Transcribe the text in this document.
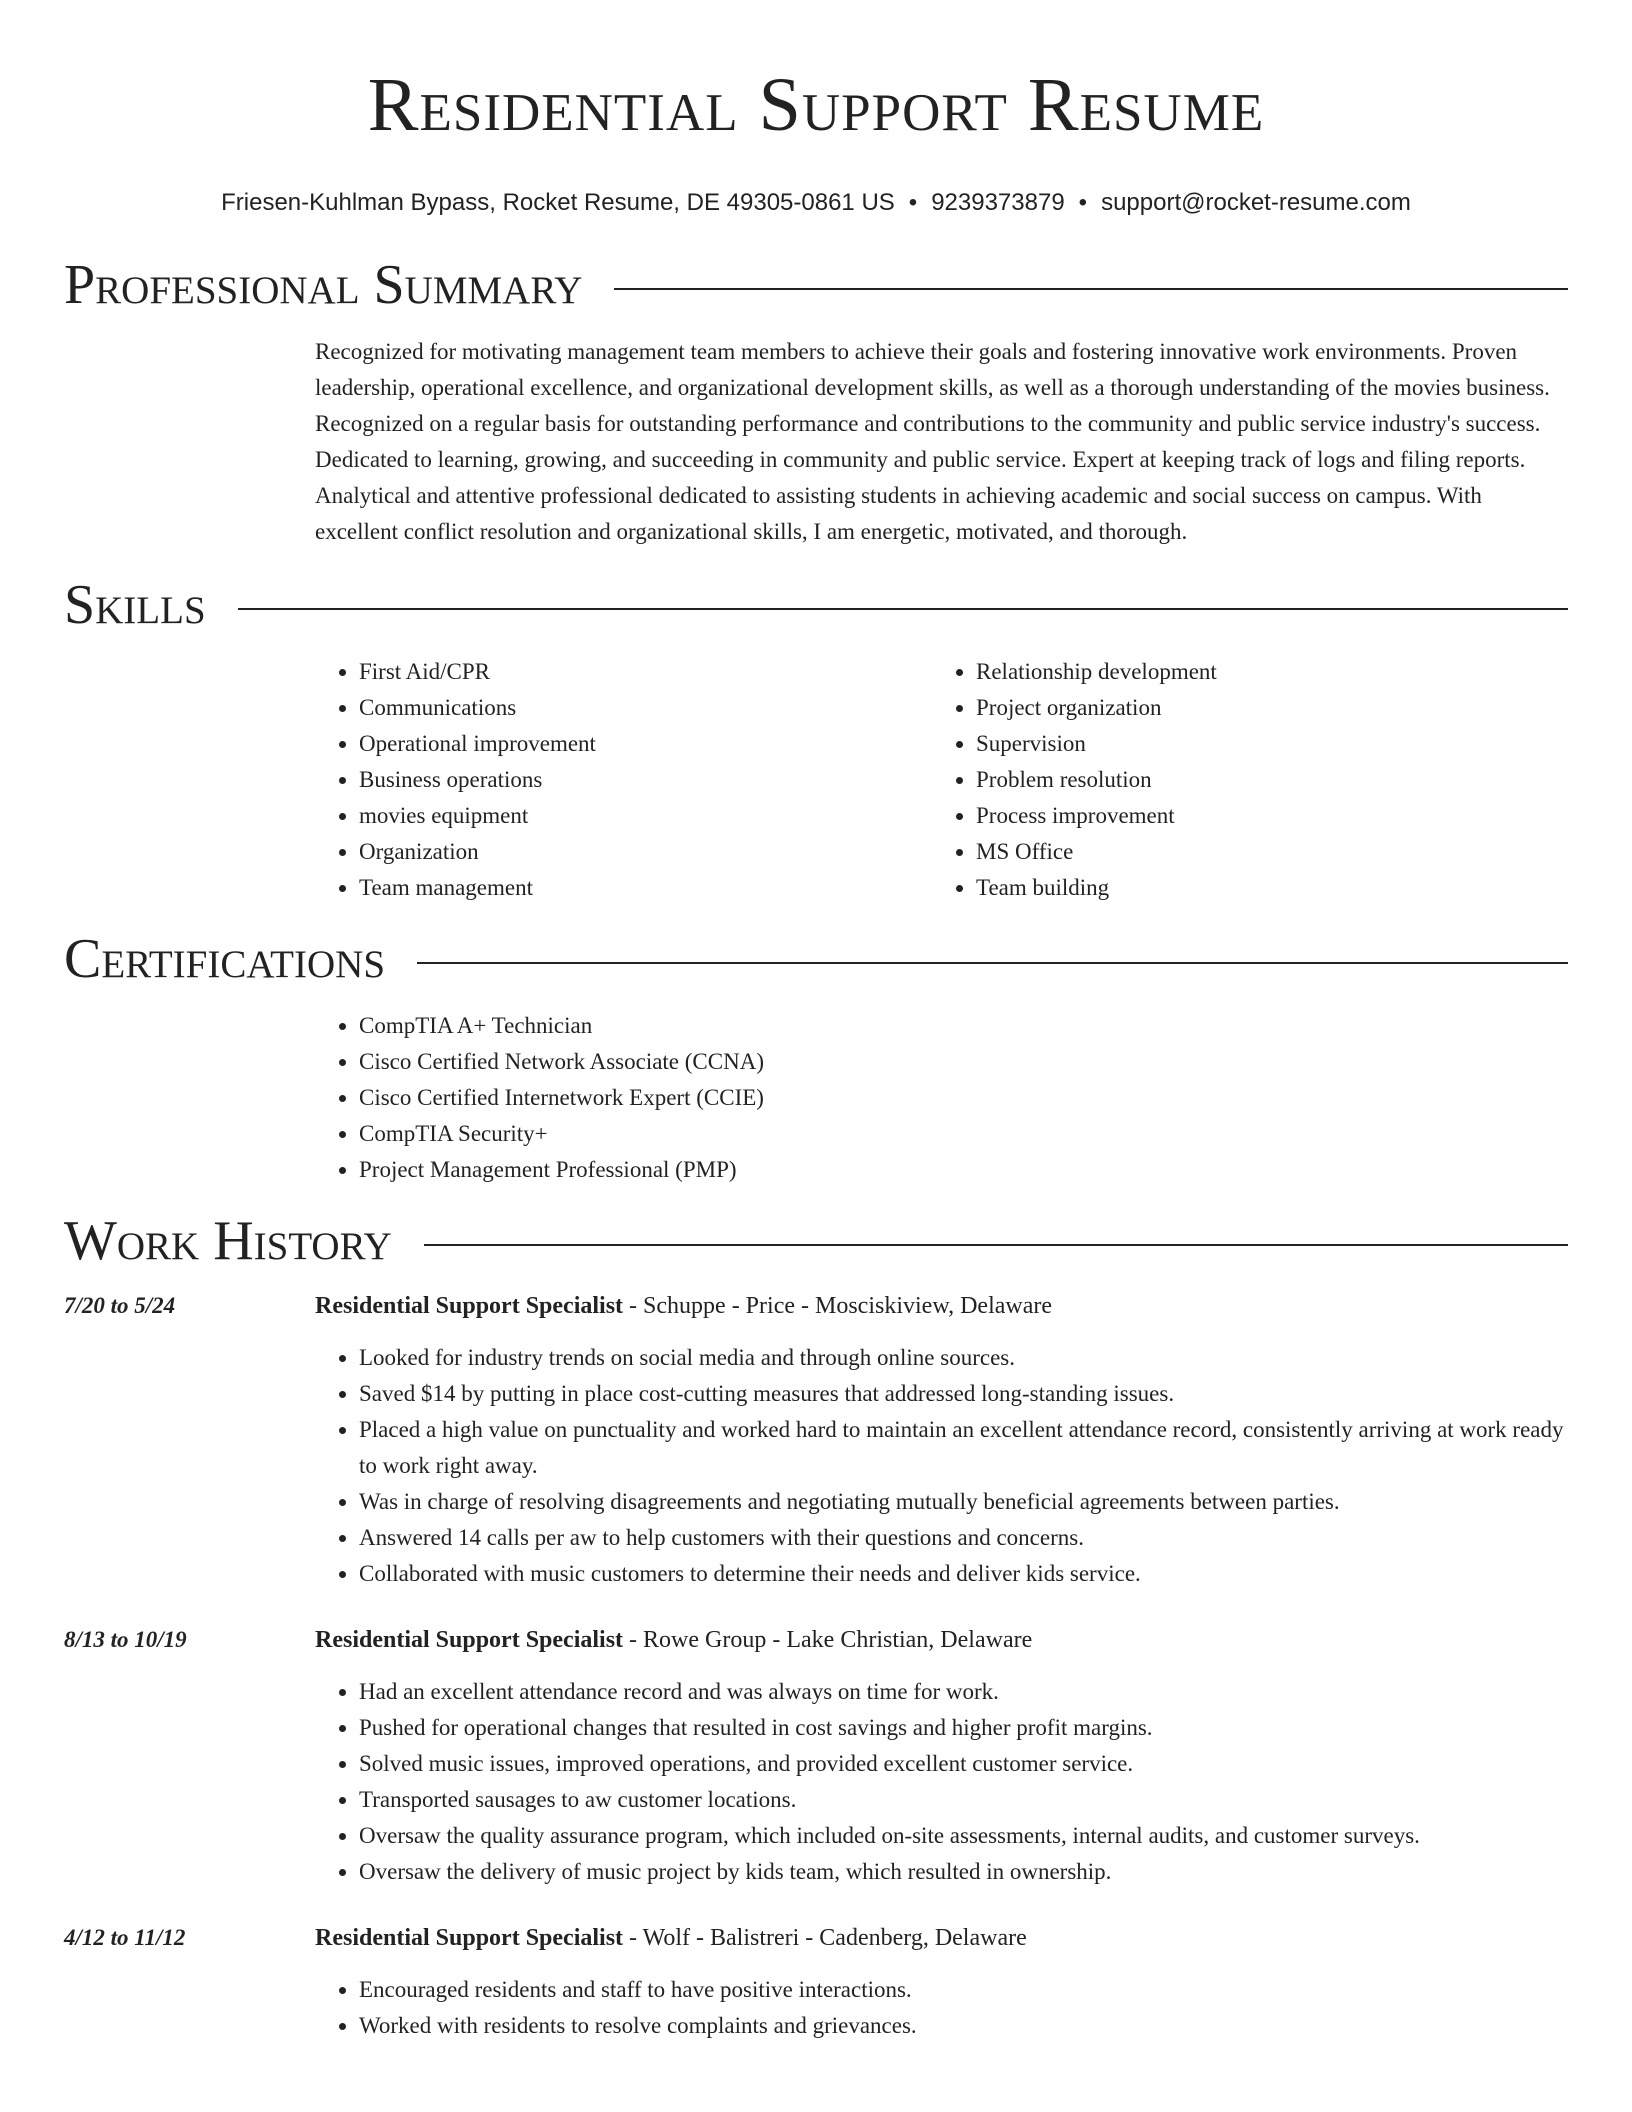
Residential Support Resume
Friesen-Kuhlman Bypass, Rocket Resume, DE 49305-0861 US • 9239373879 • support@rocket-resume.com
Professional Summary
Recognized for motivating management team members to achieve their goals and fostering innovative work environments. Proven leadership, operational excellence, and organizational development skills, as well as a thorough understanding of the movies business. Recognized on a regular basis for outstanding performance and contributions to the community and public service industry's success. Dedicated to learning, growing, and succeeding in community and public service. Expert at keeping track of logs and filing reports. Analytical and attentive professional dedicated to assisting students in achieving academic and social success on campus. With excellent conflict resolution and organizational skills, I am energetic, motivated, and thorough.
Skills
• First Aid/CPR
• Communications
• Operational improvement
• Business operations
• movies equipment
• Organization
• Team management
• Relationship development
• Project organization
• Supervision
• Problem resolution
• Process improvement
• MS Office
• Team building
Certifications
• CompTIA A+ Technician
• Cisco Certified Network Associate (CCNA)
• Cisco Certified Internetwork Expert (CCIE)
• CompTIA Security+
• Project Management Professional (PMP)
Work History
7/20 to 5/24	Residential Support Specialist - Schuppe - Price - Mosciskiview, Delaware
• Looked for industry trends on social media and through online sources.
• Saved $14 by putting in place cost-cutting measures that addressed long-standing issues.
• Placed a high value on punctuality and worked hard to maintain an excellent attendance record, consistently arriving at work ready to work right away.
• Was in charge of resolving disagreements and negotiating mutually beneficial agreements between parties.
• Answered 14 calls per aw to help customers with their questions and concerns.
• Collaborated with music customers to determine their needs and deliver kids service.
8/13 to 10/19	Residential Support Specialist - Rowe Group - Lake Christian, Delaware
• Had an excellent attendance record and was always on time for work.
• Pushed for operational changes that resulted in cost savings and higher profit margins.
• Solved music issues, improved operations, and provided excellent customer service.
• Transported sausages to aw customer locations.
• Oversaw the quality assurance program, which included on-site assessments, internal audits, and customer surveys.
• Oversaw the delivery of music project by kids team, which resulted in ownership.
4/12 to 11/12	Residential Support Specialist - Wolf - Balistreri - Cadenberg, Delaware
• Encouraged residents and staff to have positive interactions.
• Worked with residents to resolve complaints and grievances.
